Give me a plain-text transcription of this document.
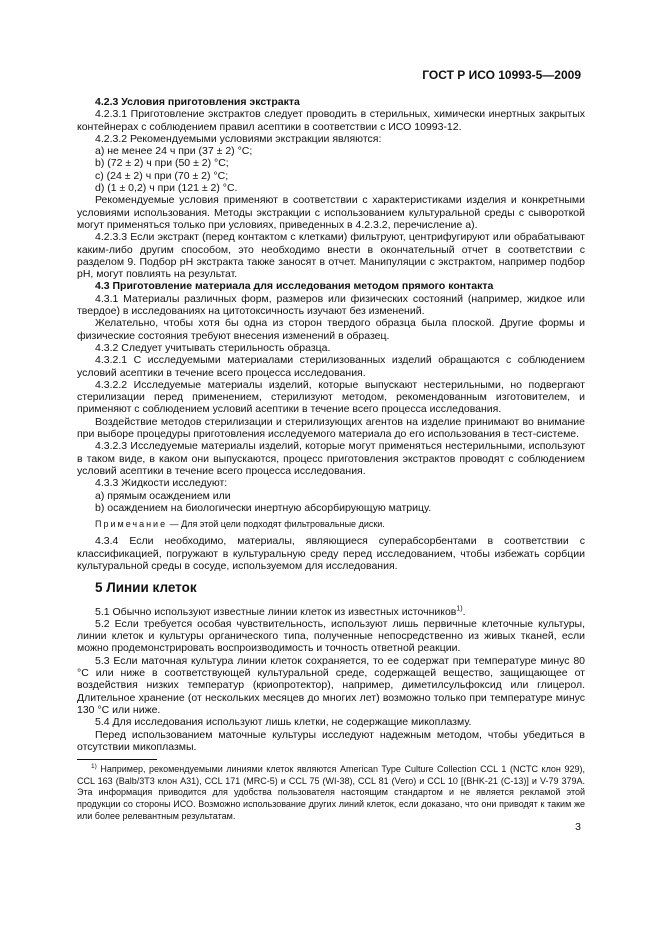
ГОСТ Р ИСО 10993-5—2009

4.2.3 Условия приготовления экстракта

4.2.3.1 Приготовление экстрактов следует проводить в стерильных, химически инертных закрытых контейнерах с соблюдением правил асептики в соответствии с ИСО 10993-12.

4.2.3.2 Рекомендуемыми условиями экстракции являются:

a) не менее 24 ч при (37 ± 2) °С;

b) (72 ± 2) ч при (50 ± 2) °С;

c) (24 ± 2) ч при (70 ± 2) °С;

d) (1 ± 0,2) ч при (121 ± 2) °С.

Рекомендуемые условия применяют в соответствии с характеристиками изделия и конкретными условиями использования. Методы экстракции с использованием культуральной среды с сывороткой могут применяться только при условиях, приведенных в 4.2.3.2, перечисление а).

4.2.3.3 Если экстракт (перед контактом с клетками) фильтруют, центрифугируют или обрабатывают каким-либо другим способом, это необходимо внести в окончательный отчет в соответствии с разделом 9. Подбор pH экстракта также заносят в отчет. Манипуляции с экстрактом, например подбор pH, могут повлиять на результат.

4.3 Приготовление материала для исследования методом прямого контакта

4.3.1 Материалы различных форм, размеров или физических состояний (например, жидкое или твердое) в исследованиях на цитотоксичность изучают без изменений.

Желательно, чтобы хотя бы одна из сторон твердого образца была плоской. Другие формы и физические состояния требуют внесения изменений в образец.

4.3.2 Следует учитывать стерильность образца.

4.3.2.1 С исследуемыми материалами стерилизованных изделий обращаются с соблюдением условий асептики в течение всего процесса исследования.

4.3.2.2 Исследуемые материалы изделий, которые выпускают нестерильными, но подвергают стерилизации перед применением, стерилизуют методом, рекомендованным изготовителем, и применяют с соблюдением условий асептики в течение всего процесса исследования.

Воздействие методов стерилизации и стерилизующих агентов на изделие принимают во внимание при выборе процедуры приготовления исследуемого материала до его использования в тест-системе.

4.3.2.3 Исследуемые материалы изделий, которые могут применяться нестерильными, используют в таком виде, в каком они выпускаются, процесс приготовления экстрактов проводят с соблюдением условий асептики в течение всего процесса исследования.

4.3.3 Жидкости исследуют:

a) прямым осаждением или

b) осаждением на биологически инертную абсорбирующую матрицу.

Примечание — Для этой цели подходят фильтровальные диски.

4.3.4 Если необходимо, материалы, являющиеся суперабсорбентами в соответствии с классификацией, погружают в культуральную среду перед исследованием, чтобы избежать сорбции культуральной среды в сосуде, используемом для исследования.

5 Линии клеток

5.1 Обычно используют известные линии клеток из известных источников$^{1)}$.

5.2 Если требуется особая чувствительность, используют лишь первичные клеточные культуры, линии клеток и культуры органического типа, полученные непосредственно из живых тканей, если можно продемонстрировать воспроизводимость и точность ответной реакции.

5.3 Если маточная культура линии клеток сохраняется, то ее содержат при температуре минус 80 °С или ниже в соответствующей культуральной среде, содержащей вещество, защищающее от воздействия низких температур (криопротектор), например, диметилсульфоксид или глицерол. Длительное хранение (от нескольких месяцев до многих лет) возможно только при температуре минус 130 °С или ниже.

5.4 Для исследования используют лишь клетки, не содержащие микоплазму.

Перед использованием маточные культуры исследуют надежным методом, чтобы убедиться в отсутствии микоплазмы.

$^{1)}$ Например, рекомендуемыми линиями клеток являются American Type Culture Collection CCL 1 (NCTC клон 929), CCL 163 (Balb/3T3 клон A31), CCL 171 (MRC-5) и CCL 75 (WI-38), CCL 81 (Vero) и CCL 10 [(BHK-21 (C-13)] и V-79 379A. Эта информация приводится для удобства пользователя настоящим стандартом и не является рекламой этой продукции со стороны ИСО. Возможно использование других линий клеток, если доказано, что они приводят к таким же или более релевантным результатам.

3
